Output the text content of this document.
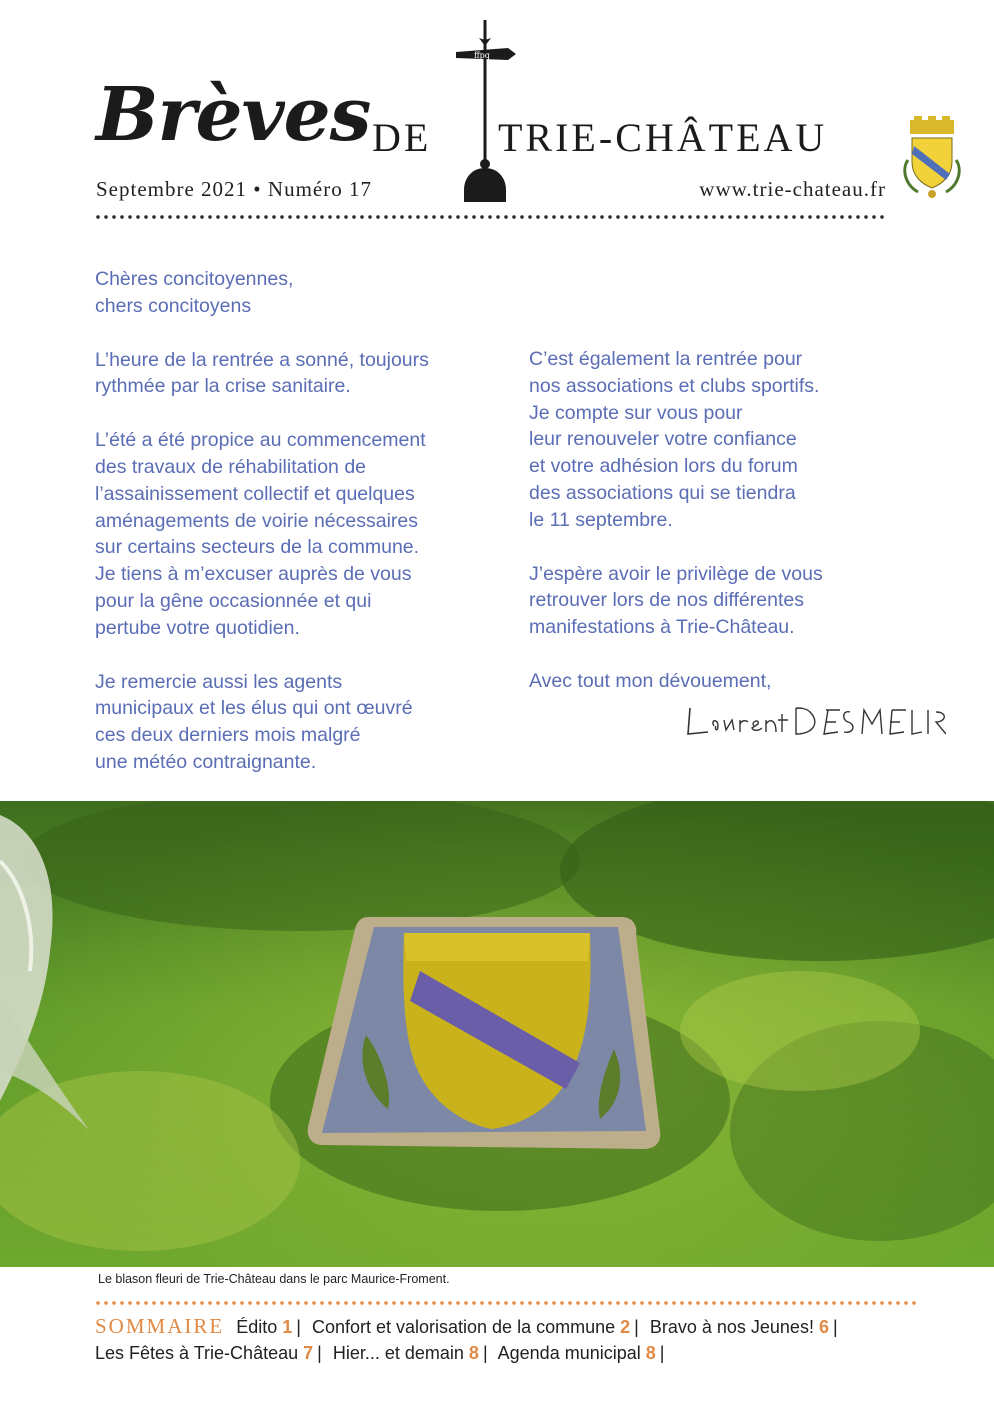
Brèves DE TRIE-CHÂTEAU
ffpq
Septembre 2021 • Numéro 17	www.trie-chateau.fr

Chères concitoyennes,

chers concitoyens

L’heure de la rentrée a sonné, toujours

rythmée par la crise sanitaire.

L’été a été propice au commencement

des travaux de réhabilitation de

l’assainissement collectif et quelques

aménagements de voirie nécessaires

sur certains secteurs de la commune.

Je tiens à m’excuser auprès de vous

pour la gêne occasionnée et qui

pertube votre quotidien.

Je remercie aussi les agents

municipaux et les élus qui ont œuvré

ces deux derniers mois malgré

une météo contraignante.

C’est également la rentrée pour

nos associations et clubs sportifs.

Je compte sur vous pour

leur renouveler votre confiance

et votre adhésion lors du forum

des associations qui se tiendra

le 11 septembre.

J’espère avoir le privilège de vous

retrouver lors de nos différentes

manifestations à Trie-Château.

Avec tout mon dévouement,

Le blason fleuri de Trie-Château dans le parc Maurice-Froment.
SOMMAIRE Édito 1 | Confort et valorisation de la commune 2 | Bravo à nos Jeunes! 6 |
Les Fêtes à Trie-Château 7 | Hier... et demain 8 | Agenda municipal 8 |
